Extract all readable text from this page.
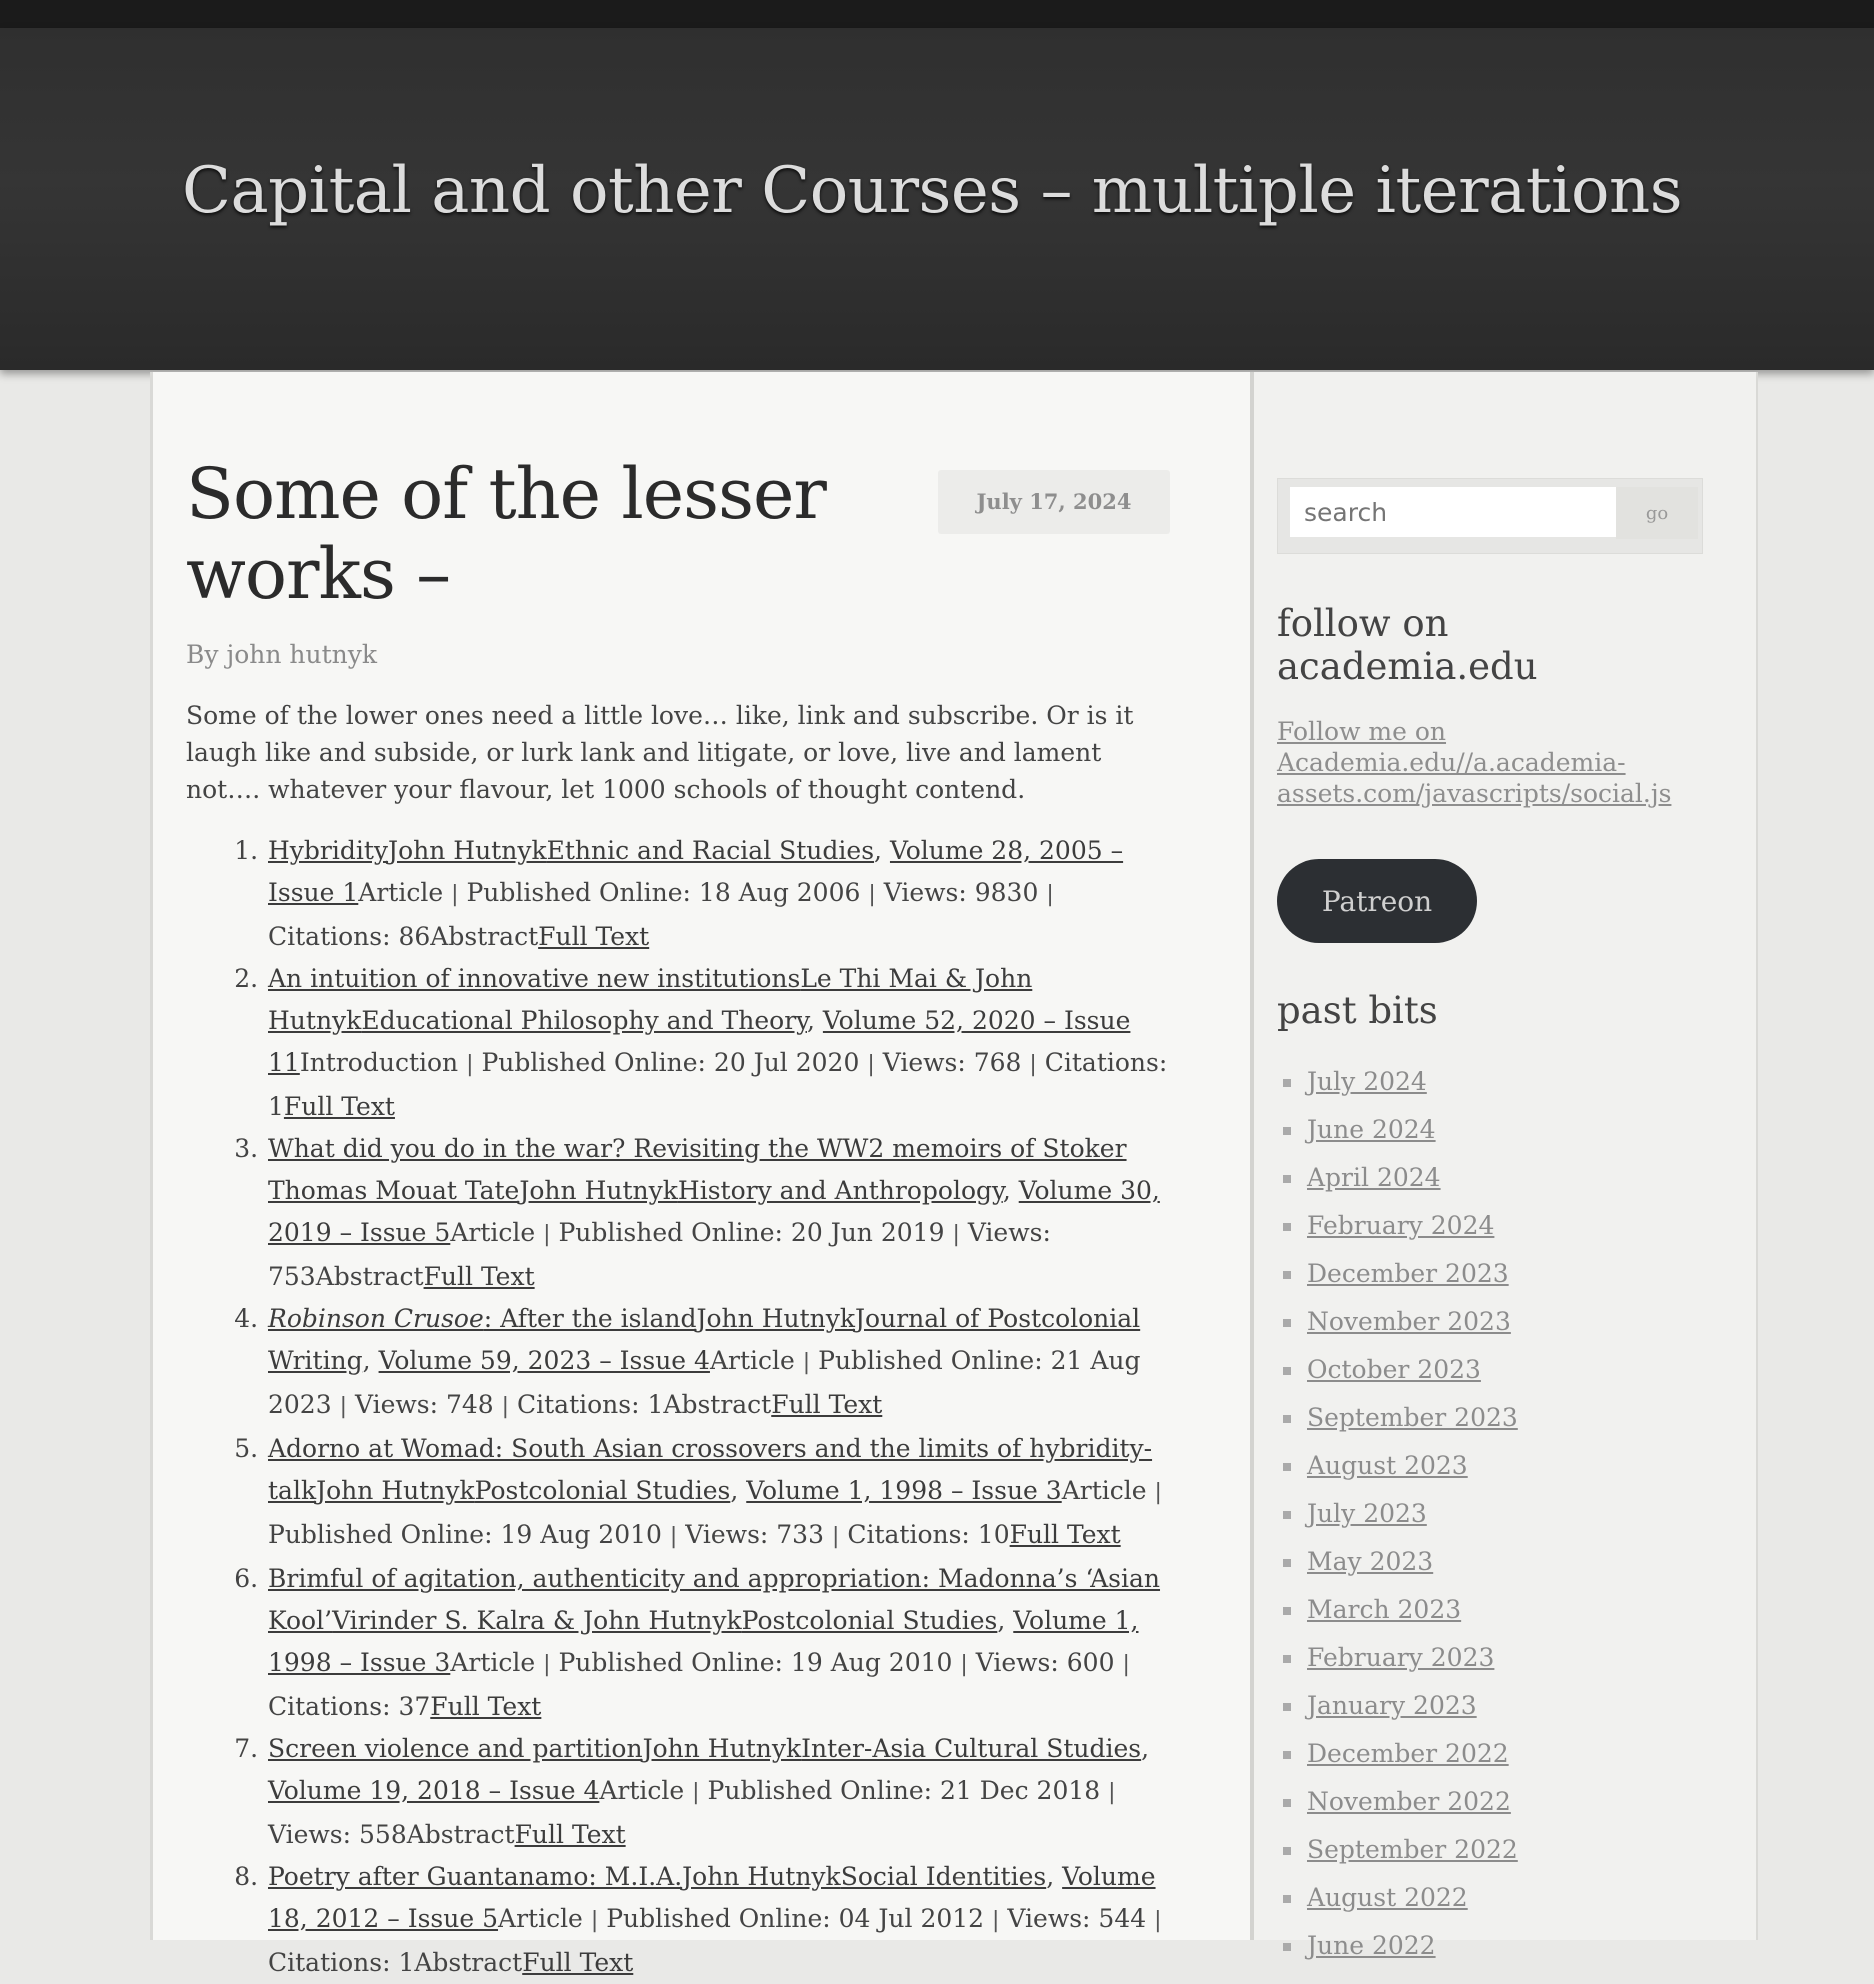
Capital and other Courses – multiple iterations
Some of the lesser works –
July 17, 2024

By john hutnyk

Some of the lower ones need a little love… like, link and subscribe. Or is it laugh like and subside, or lurk lank and litigate, or love, live and lament not…. whatever your flavour, let 1000 schools of thought contend.

1. HybridityJohn HutnykEthnic and Racial Studies, Volume 28, 2005 – Issue 1Article | Published Online: 18 Aug 2006 | Views: 9830 | Citations: 86AbstractFull Text
2. An intuition of innovative new institutionsLe Thi Mai & John HutnykEducational Philosophy and Theory, Volume 52, 2020 – Issue 11Introduction | Published Online: 20 Jul 2020 | Views: 768 | Citations: 1Full Text
3. What did you do in the war? Revisiting the WW2 memoirs of Stoker Thomas Mouat TateJohn HutnykHistory and Anthropology, Volume 30, 2019 – Issue 5Article | Published Online: 20 Jun 2019 | Views: 753AbstractFull Text
4. Robinson Crusoe: After the islandJohn HutnykJournal of Postcolonial Writing, Volume 59, 2023 – Issue 4Article | Published Online: 21 Aug 2023 | Views: 748 | Citations: 1AbstractFull Text
5. Adorno at Womad: South Asian crossovers and the limits of hybridity-talkJohn HutnykPostcolonial Studies, Volume 1, 1998 – Issue 3Article | Published Online: 19 Aug 2010 | Views: 733 | Citations: 10Full Text
6. Brimful of agitation, authenticity and appropriation: Madonna’s ‘Asian Kool’Virinder S. Kalra & John HutnykPostcolonial Studies, Volume 1, 1998 – Issue 3Article | Published Online: 19 Aug 2010 | Views: 600 | Citations: 37Full Text
7. Screen violence and partitionJohn HutnykInter-Asia Cultural Studies, Volume 19, 2018 – Issue 4Article | Published Online: 21 Dec 2018 | Views: 558AbstractFull Text
8. Poetry after Guantanamo: M.I.A.John HutnykSocial Identities, Volume 18, 2012 – Issue 5Article | Published Online: 04 Jul 2012 | Views: 544 | Citations: 1AbstractFull Text
search
go
follow on academia.edu
Follow me on Academia.edu//a.academia-assets.com/javascripts/social.js
Patreon
past bits
July 2024
June 2024
April 2024
February 2024
December 2023
November 2023
October 2023
September 2023
August 2023
July 2023
May 2023
March 2023
February 2023
January 2023
December 2022
November 2022
September 2022
August 2022
June 2022
